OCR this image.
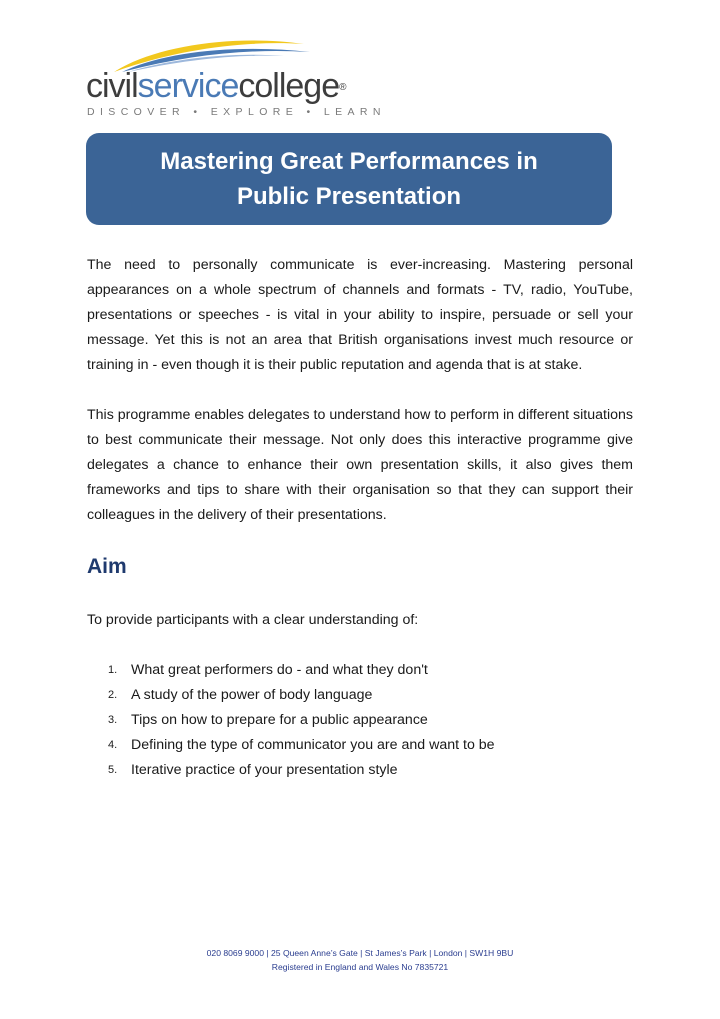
civilservicecollege®
DISCOVER • EXPLORE • LEARN
Mastering Great Performances in Public Presentation

The need to personally communicate is ever-increasing. Mastering personal appearances on a whole spectrum of channels and formats - TV, radio, YouTube, presentations or speeches - is vital in your ability to inspire, persuade or sell your message. Yet this is not an area that British organisations invest much resource or training in - even though it is their public reputation and agenda that is at stake.

This programme enables delegates to understand how to perform in different situations to best communicate their message. Not only does this interactive programme give delegates a chance to enhance their own presentation skills, it also gives them frameworks and tips to share with their organisation so that they can support their colleagues in the delivery of their presentations.

Aim

To provide participants with a clear understanding of:

1. What great performers do - and what they don't
2. A study of the power of body language
3. Tips on how to prepare for a public appearance
4. Defining the type of communicator you are and want to be
5. Iterative practice of your presentation style
020 8069 9000 | 25 Queen Anne’s Gate | St James’s Park | London | SW1H 9BU
Registered in England and Wales No 7835721
